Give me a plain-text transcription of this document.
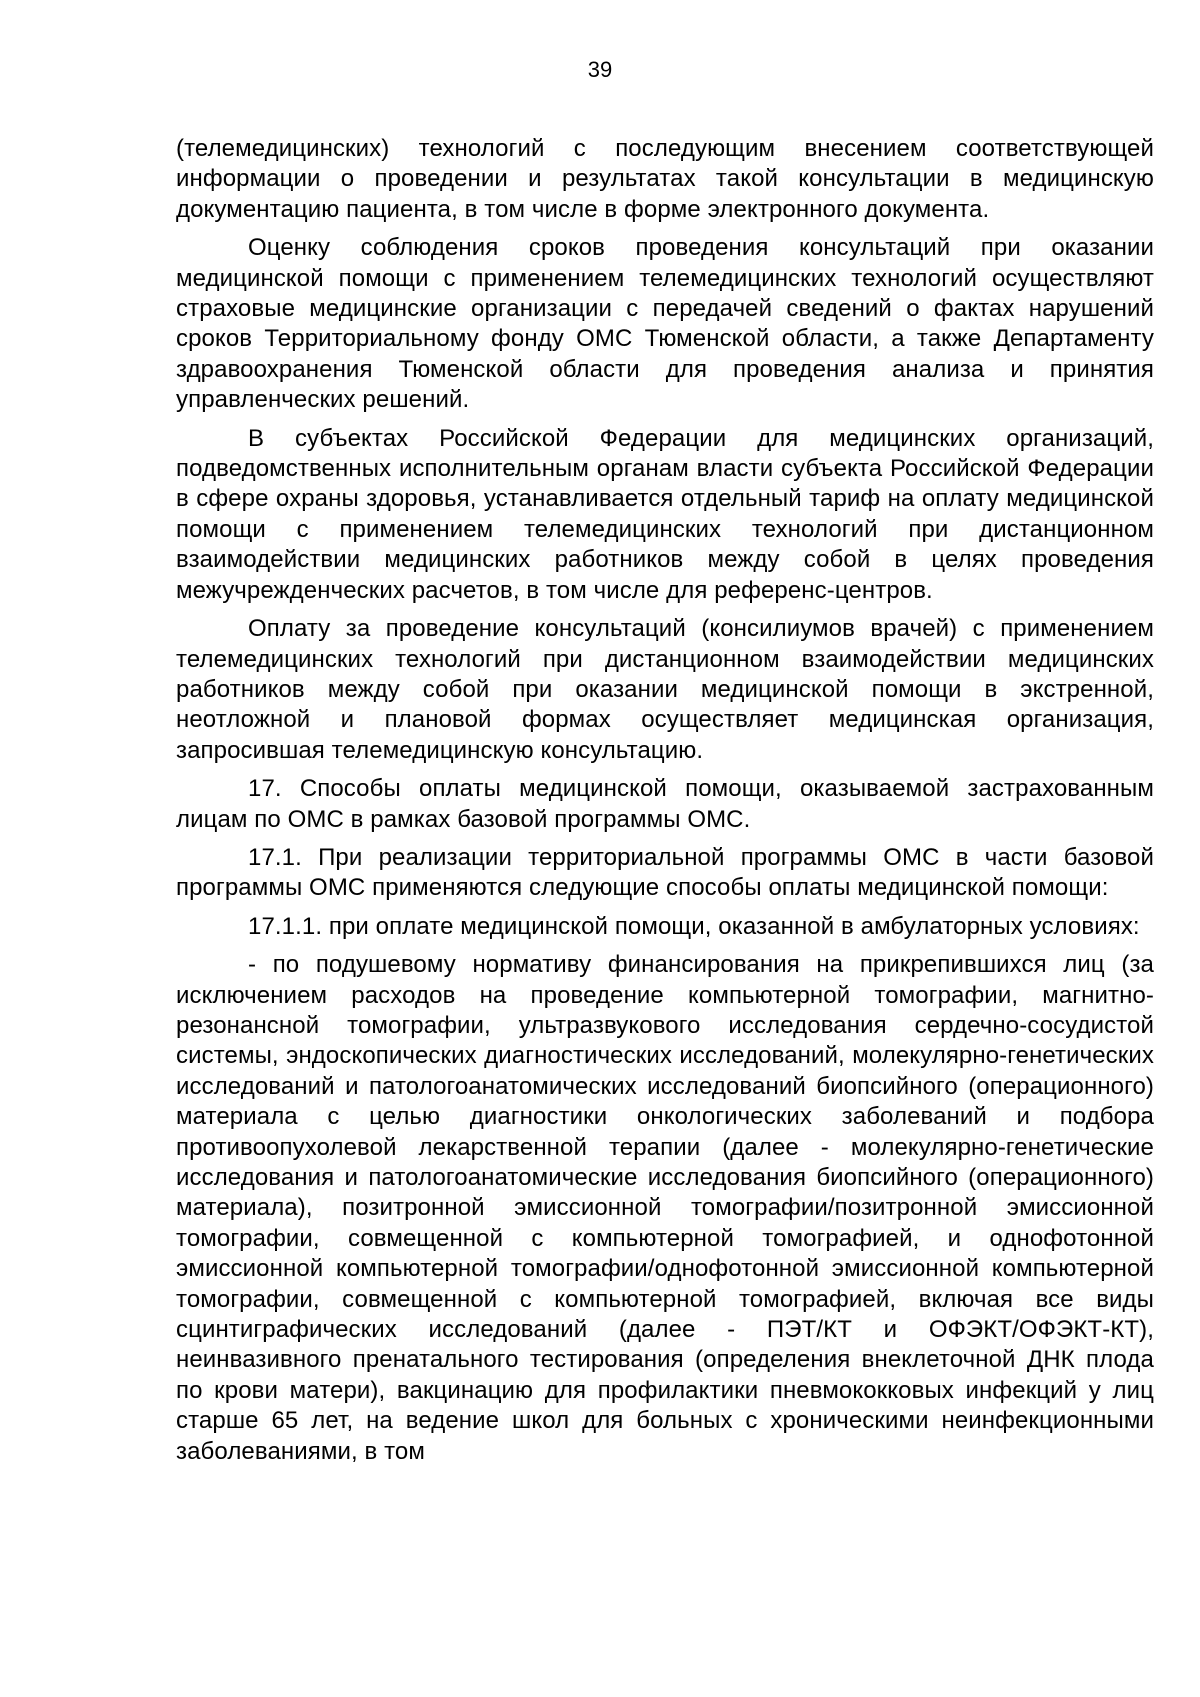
39

(телемедицинских) технологий с последующим внесением соответствующей информации о проведении и результатах такой консультации в медицинскую документацию пациента, в том числе в форме электронного документа.

Оценку соблюдения сроков проведения консультаций при оказании медицинской помощи с применением телемедицинских технологий осуществляют страховые медицинские организации с передачей сведений о фактах нарушений сроков Территориальному фонду ОМС Тюменской области, а также Департаменту здравоохранения Тюменской области для проведения анализа и принятия управленческих решений.

В субъектах Российской Федерации для медицинских организаций, подведомственных исполнительным органам власти субъекта Российской Федерации в сфере охраны здоровья, устанавливается отдельный тариф на оплату медицинской помощи с применением телемедицинских технологий при дистанционном взаимодействии медицинских работников между собой в целях проведения межучрежденческих расчетов, в том числе для референс-центров.

Оплату за проведение консультаций (консилиумов врачей) с применением телемедицинских технологий при дистанционном взаимодействии медицинских работников между собой при оказании медицинской помощи в экстренной, неотложной и плановой формах осуществляет медицинская организация, запросившая телемедицинскую консультацию.

17. Способы оплаты медицинской помощи, оказываемой застрахованным лицам по ОМС в рамках базовой программы ОМС.

17.1. При реализации территориальной программы ОМС в части базовой программы ОМС применяются следующие способы оплаты медицинской помощи:

17.1.1. при оплате медицинской помощи, оказанной в амбулаторных условиях:

- по подушевому нормативу финансирования на прикрепившихся лиц (за исключением расходов на проведение компьютерной томографии, магнитно-резонансной томографии, ультразвукового исследования сердечно-сосудистой системы, эндоскопических диагностических исследований, молекулярно-генетических исследований и патологоанатомических исследований биопсийного (операционного) материала с целью диагностики онкологических заболеваний и подбора противоопухолевой лекарственной терапии (далее - молекулярно-генетические исследования и патологоанатомические исследования биопсийного (операционного) материала), позитронной эмиссионной томографии/позитронной эмиссионной томографии, совмещенной с компьютерной томографией, и однофотонной эмиссионной компьютерной томографии/однофотонной эмиссионной компьютерной томографии, совмещенной с компьютерной томографией, включая все виды сцинтиграфических исследований (далее - ПЭТ/КТ и ОФЭКТ/ОФЭКТ-КТ), неинвазивного пренатального тестирования (определения внеклеточной ДНК плода по крови матери), вакцинацию для профилактики пневмококковых инфекций у лиц старше 65 лет, на ведение школ для больных с хроническими неинфекционными заболеваниями, в том
